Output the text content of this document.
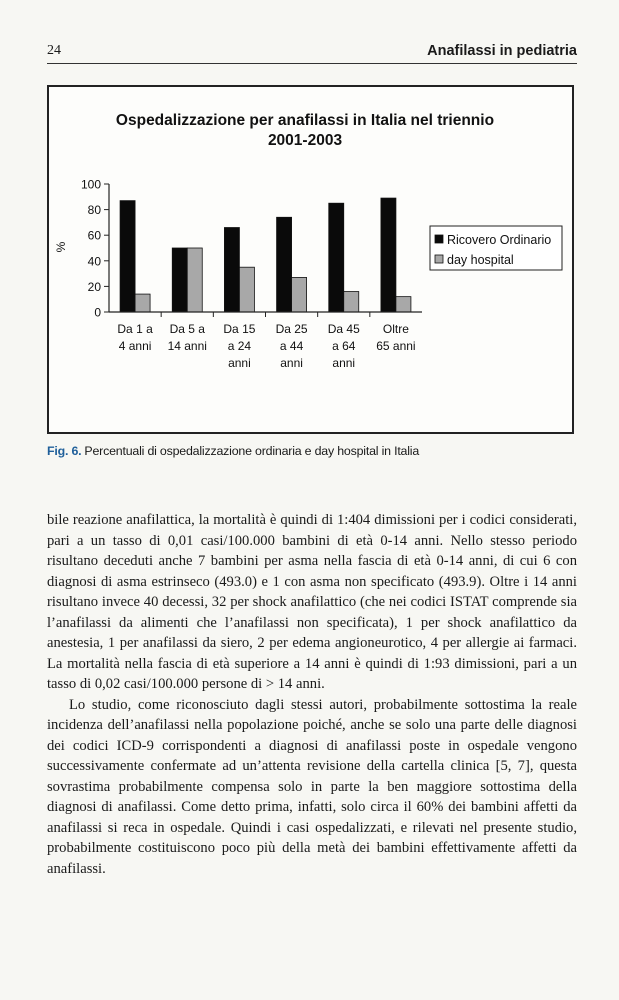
24	Anafilassi in pediatria
Ospedalizzazione per anafilassi in Italia nel triennio
2001-2003
%
0
20
40
60
80
100
Da 1 a
4 anni
Da 5 a
14 anni
Da 15
a 24
anni
Da 25
a 44
anni
Da 45
a 64
anni
Oltre
65 anni
Ricovero Ordinario
day hospital
Fig. 6. Percentuali di ospedalizzazione ordinaria e day hospital in Italia

bile reazione anafilattica, la mortalità è quindi di 1:404 dimissioni per i codici considerati, pari a un tasso di 0,01 casi/100.000 bambini di età 0-14 anni. Nello stesso periodo risultano deceduti anche 7 bambini per asma nella fascia di età 0-14 anni, di cui 6 con diagnosi di asma estrinseco (493.0) e 1 con asma non specificato (493.9). Oltre i 14 anni risultano invece 40 decessi, 32 per shock anafilattico (che nei codici ISTAT comprende sia l’anafilassi da alimenti che l’anafilassi non specificata), 1 per shock anafilattico da anestesia, 1 per anafilassi da siero, 2 per edema angioneurotico, 4 per allergie ai farmaci. La mortalità nella fascia di età superiore a 14 anni è quindi di 1:93 dimissioni, pari a un tasso di 0,02 casi/100.000 persone di > 14 anni.

Lo studio, come riconosciuto dagli stessi autori, probabilmente sottostima la reale incidenza dell’anafilassi nella popolazione poiché, anche se solo una parte delle diagnosi dei codici ICD-9 corrispondenti a diagnosi di anafilassi poste in ospedale vengono successivamente confermate ad un’attenta revisione della cartella clinica [5, 7], questa sovrastima probabilmente compensa solo in parte la ben maggiore sottostima della diagnosi di anafilassi. Come detto prima, infatti, solo circa il 60% dei bambini affetti da anafilassi si reca in ospedale. Quindi i casi ospedalizzati, e rilevati nel presente studio, probabilmente costituiscono poco più della metà dei bambini effettivamente affetti da anafilassi.
